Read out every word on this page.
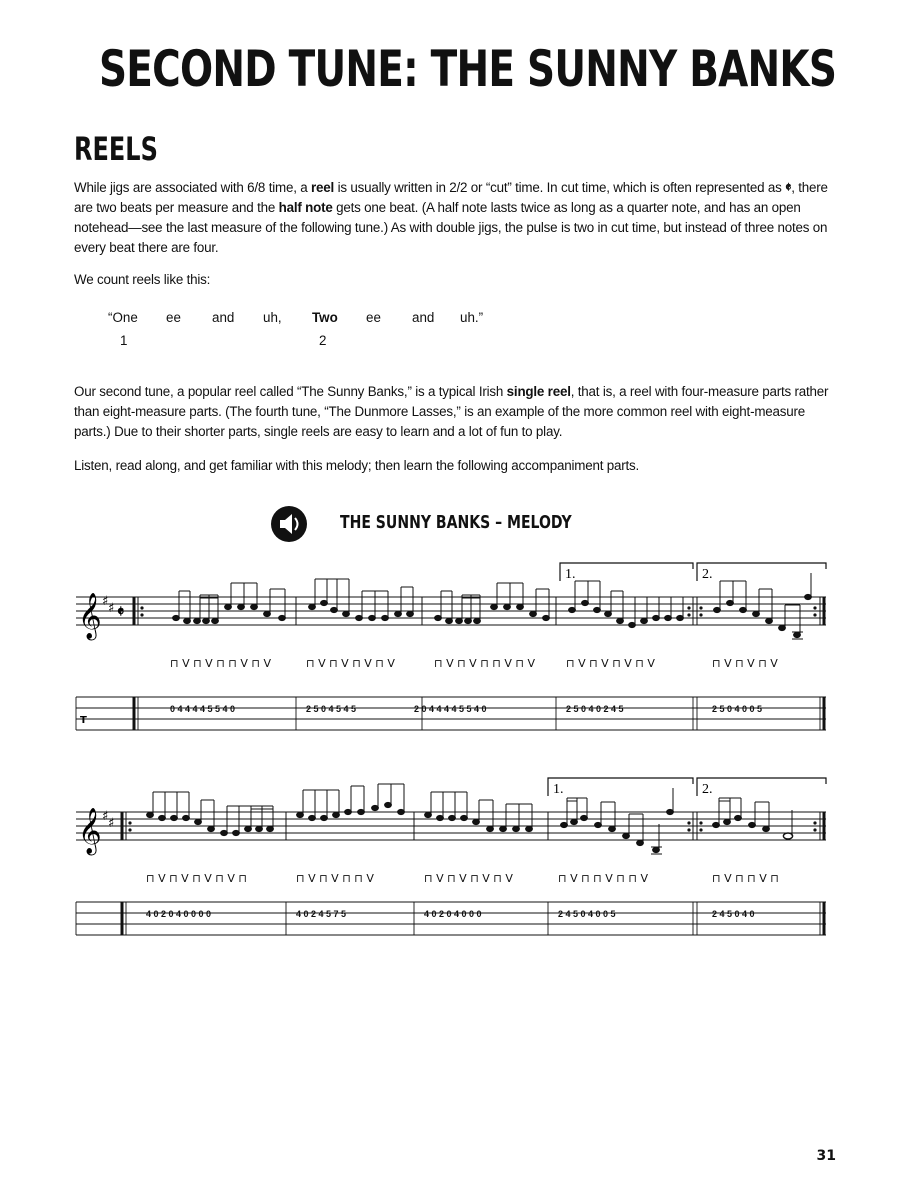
SECOND TUNE: THE SUNNY BANKS
REELS
While jigs are associated with 6/8 time, a reel is usually written in 2/2 or “cut” time. In cut time, which is often represented as 𝄵, there are two beats per measure and the half note gets one beat. (A half note lasts twice as long as a quarter note, and has an open notehead—see the last measure of the following tune.) As with double jigs, the pulse is two in cut time, but instead of three notes on every beat there are four.
We count reels like this:
“One ee and uh, Two ee and uh.”
1	2
Our second tune, a popular reel called “The Sunny Banks,” is a typical Irish single reel, that is, a reel with four-measure parts rather than eight-measure parts. (The fourth tune, “The Dunmore Lasses,” is an example of the more common reel with eight-measure parts.) Due to their shorter parts, single reels are easy to learn and a lot of fun to play.
Listen, read along, and get familiar with this melody; then learn the following accompaniment parts.
THE SUNNY BANKS – MELODY
1.	2.
𝄞 ♯ ♯ 𝄵
⊓ V ⊓ V ⊓ ⊓ V ⊓ V	⊓ V ⊓ V ⊓ V ⊓ V	⊓ V ⊓ V ⊓ ⊓ V ⊓ V	⊓ V ⊓ V ⊓ V ⊓ V	⊓ V ⊓ V ⊓ V
T
0 4 4 4 4 5 5 4 0	2 5 0 4 5 4 5	2 0 4 4 4 4 5 5 4 0	2 5 0 4 0 2 4 5	2 5 0 4 0 0 5
1.	2.
𝄞 ♯ ♯
⊓ V ⊓ V ⊓ V ⊓ V ⊓	⊓ V ⊓ V ⊓ ⊓ V	⊓ V ⊓ V ⊓ V ⊓ V	⊓ V ⊓ ⊓ V ⊓ ⊓ V	⊓ V ⊓ ⊓ V ⊓
4 0 2 0 4 0 0 0 0	4 0 2 4 5 7 5	4 0 2 0 4 0 0 0	2 4 5 0 4 0 0 5	2 4 5 0 4 0
31
